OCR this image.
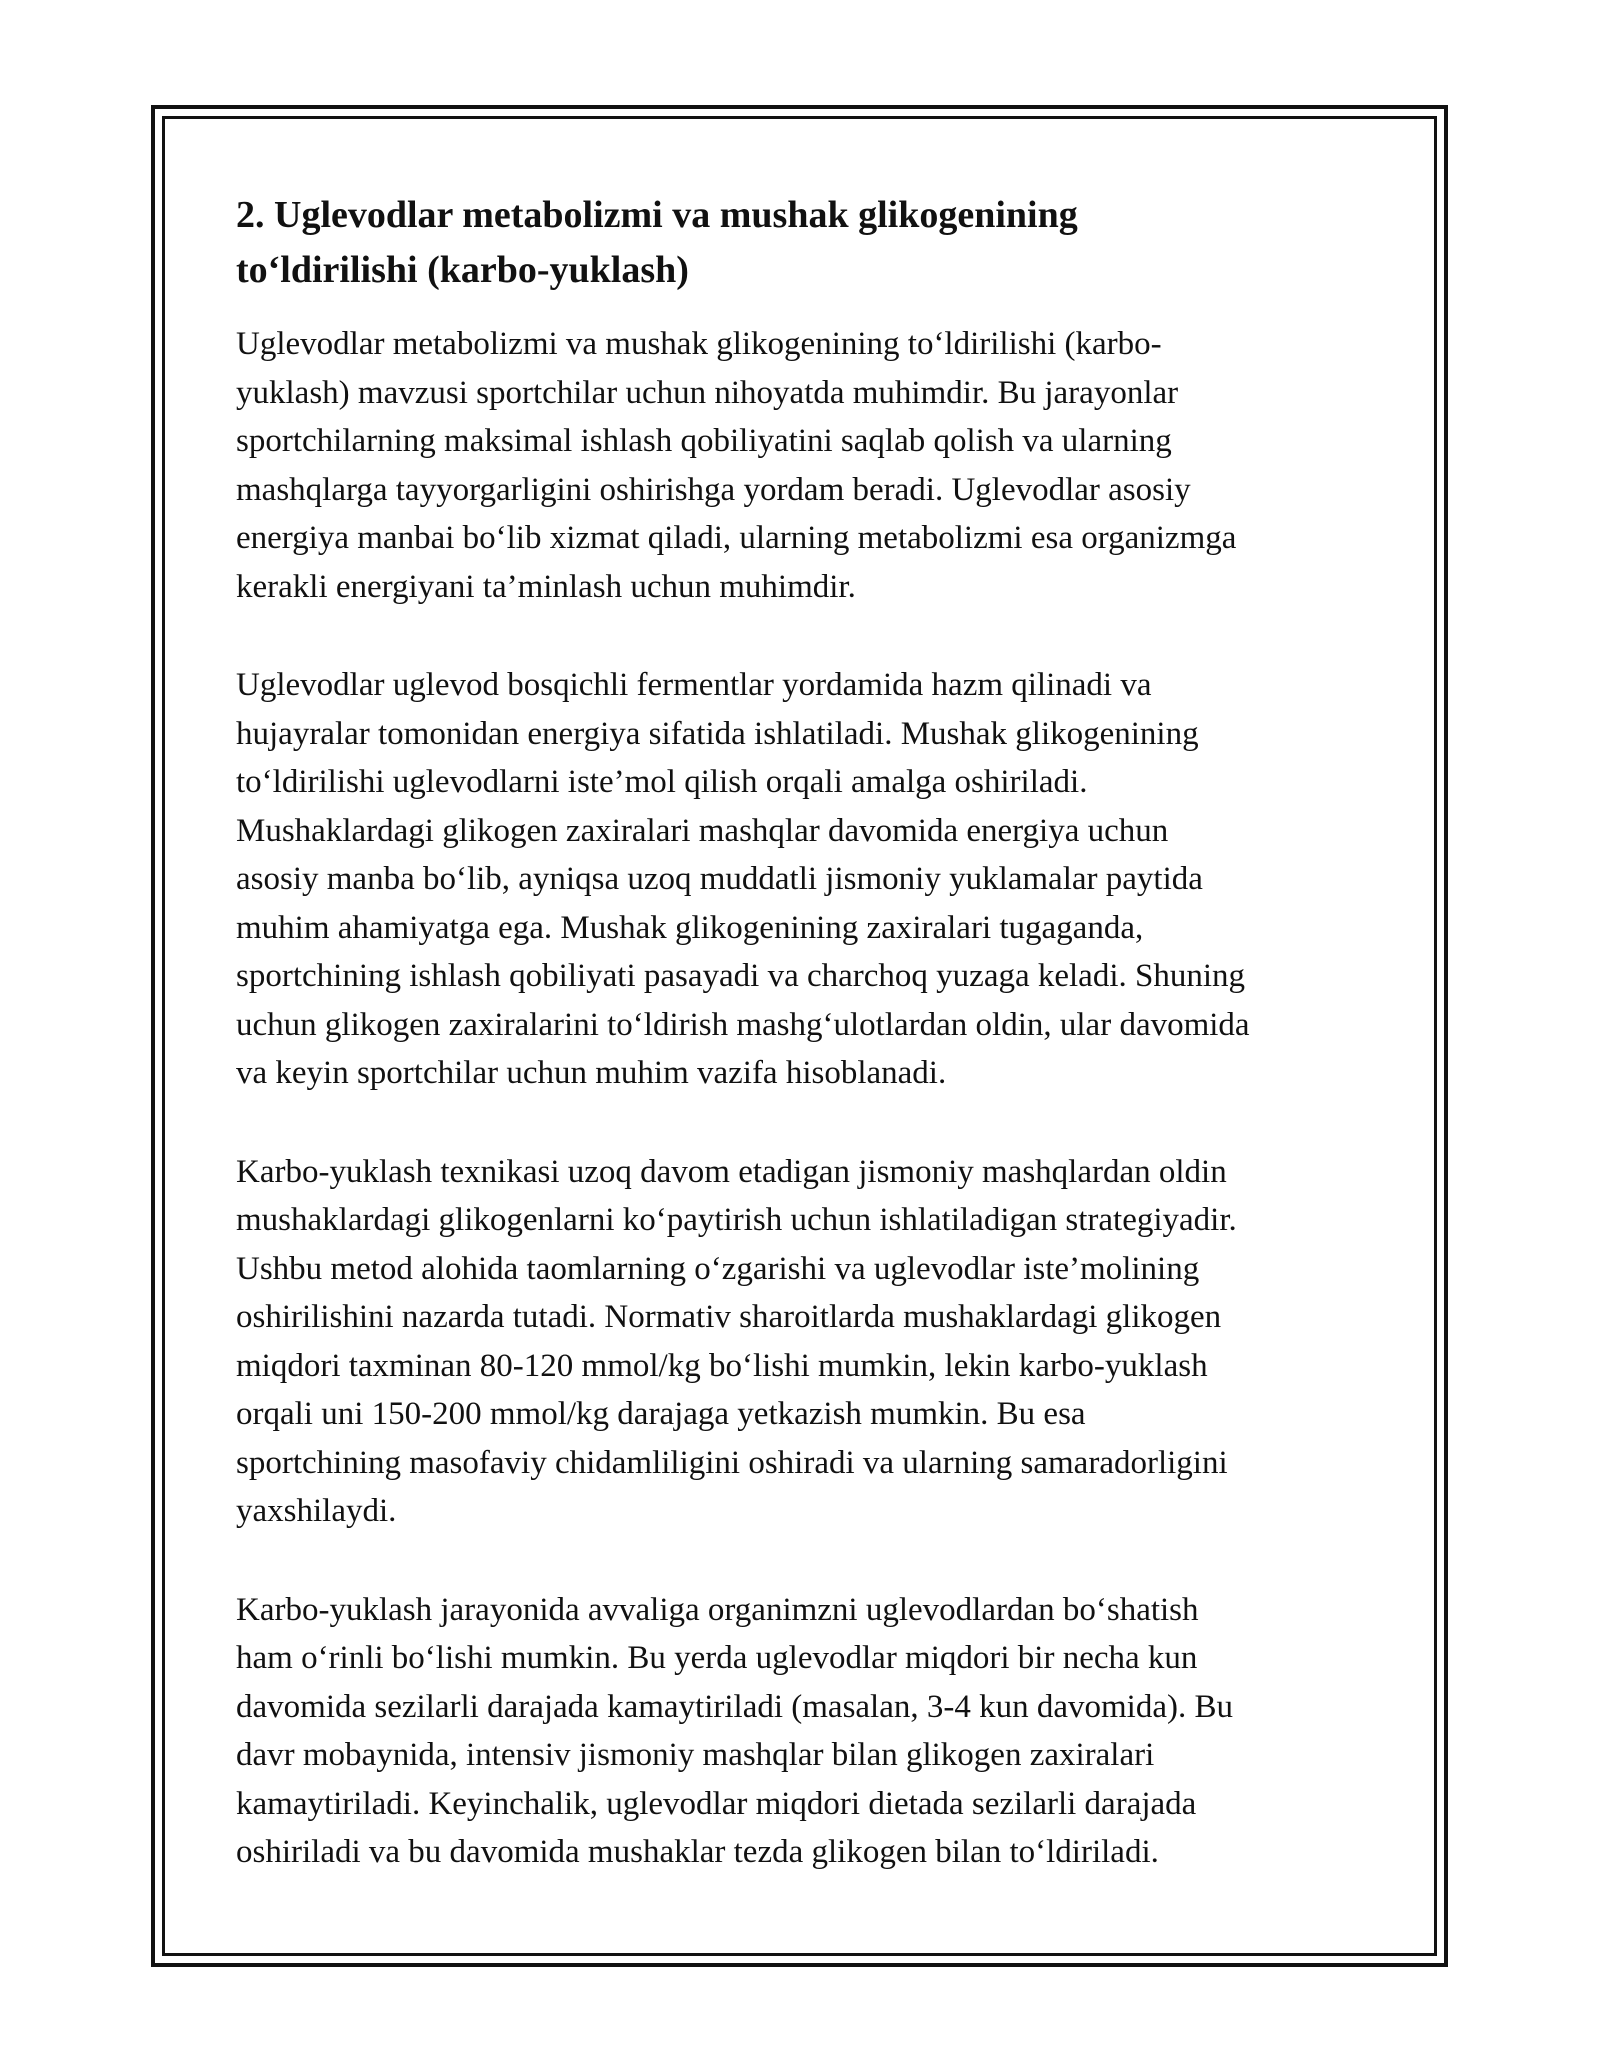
2. Uglevodlar metabolizmi va mushak glikogenining to‘ldirilishi (karbo-yuklash)

Uglevodlar metabolizmi va mushak glikogenining to‘ldirilishi (karbo-
yuklash) mavzusi sportchilar uchun nihoyatda muhimdir. Bu jarayonlar
sportchilarning maksimal ishlash qobiliyatini saqlab qolish va ularning
mashqlarga tayyorgarligini oshirishga yordam beradi. Uglevodlar asosiy
energiya manbai bo‘lib xizmat qiladi, ularning metabolizmi esa organizmga
kerakli energiyani ta’minlash uchun muhimdir.

Uglevodlar uglevod bosqichli fermentlar yordamida hazm qilinadi va
hujayralar tomonidan energiya sifatida ishlatiladi. Mushak glikogenining
to‘ldirilishi uglevodlarni iste’mol qilish orqali amalga oshiriladi.
Mushaklardagi glikogen zaxiralari mashqlar davomida energiya uchun
asosiy manba bo‘lib, ayniqsa uzoq muddatli jismoniy yuklamalar paytida
muhim ahamiyatga ega. Mushak glikogenining zaxiralari tugaganda,
sportchining ishlash qobiliyati pasayadi va charchoq yuzaga keladi. Shuning
uchun glikogen zaxiralarini to‘ldirish mashg‘ulotlardan oldin, ular davomida
va keyin sportchilar uchun muhim vazifa hisoblanadi.

Karbo-yuklash texnikasi uzoq davom etadigan jismoniy mashqlardan oldin
mushaklardagi glikogenlarni ko‘paytirish uchun ishlatiladigan strategiyadir.
Ushbu metod alohida taomlarning o‘zgarishi va uglevodlar iste’molining
oshirilishini nazarda tutadi. Normativ sharoitlarda mushaklardagi glikogen
miqdori taxminan 80-120 mmol/kg bo‘lishi mumkin, lekin karbo-yuklash
orqali uni 150-200 mmol/kg darajaga yetkazish mumkin. Bu esa
sportchining masofaviy chidamliligini oshiradi va ularning samaradorligini
yaxshilaydi.

Karbo-yuklash jarayonida avvaliga organimzni uglevodlardan bo‘shatish
ham o‘rinli bo‘lishi mumkin. Bu yerda uglevodlar miqdori bir necha kun
davomida sezilarli darajada kamaytiriladi (masalan, 3-4 kun davomida). Bu
davr mobaynida, intensiv jismoniy mashqlar bilan glikogen zaxiralari
kamaytiriladi. Keyinchalik, uglevodlar miqdori dietada sezilarli darajada
oshiriladi va bu davomida mushaklar tezda glikogen bilan to‘ldiriladi.
